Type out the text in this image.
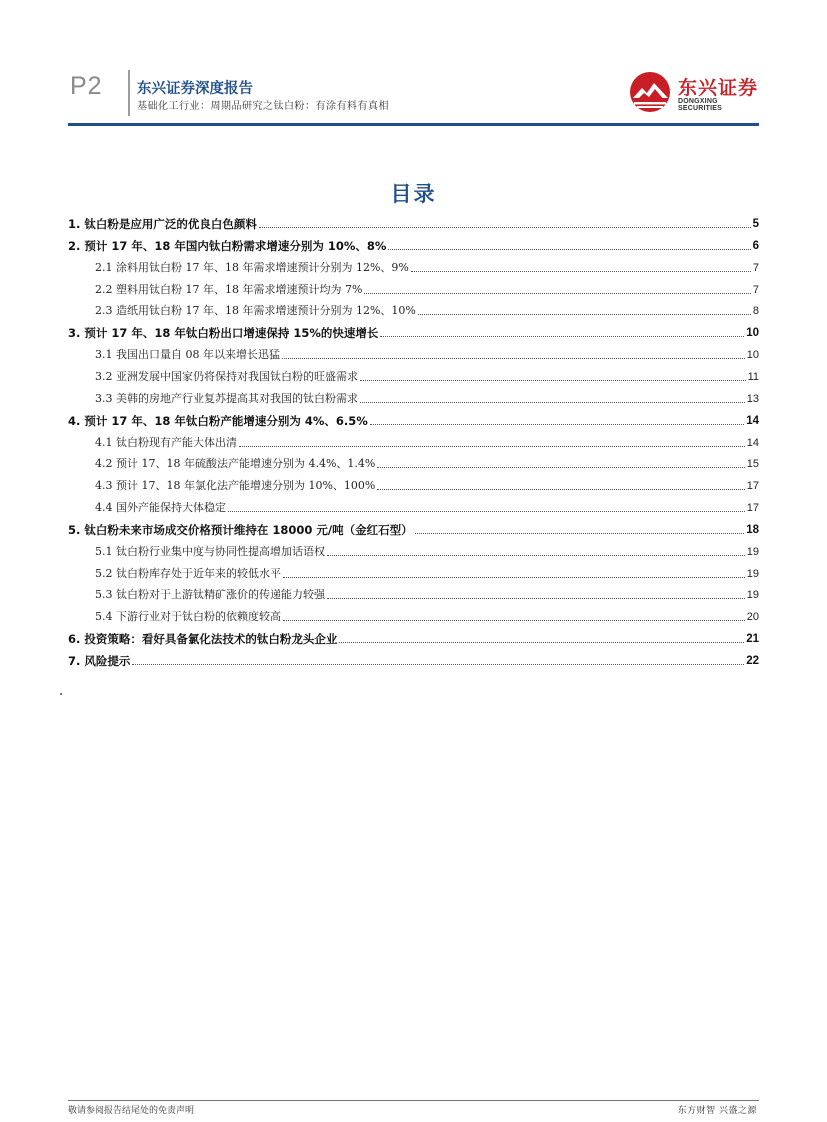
P2 东兴证券深度报告
基础化工行业：周期品研究之钛白粉：有涂有料有真相
东兴证券
DONGXING SECURITIES
目录
1. 钛白粉是应用广泛的优良白色颜料	5
2. 预计 17 年、18 年国内钛白粉需求增速分别为 10%、8%	6
2.1 涂料用钛白粉 17 年、18 年需求增速预计分别为 12%、9%	7
2.2 塑料用钛白粉 17 年、18 年需求增速预计均为 7%	7
2.3 造纸用钛白粉 17 年、18 年需求增速预计分别为 12%、10%	8
3. 预计 17 年、18 年钛白粉出口增速保持 15%的快速增长	10
3.1 我国出口量自 08 年以来增长迅猛	10
3.2 亚洲发展中国家仍将保持对我国钛白粉的旺盛需求	11
3.3 美韩的房地产行业复苏提高其对我国的钛白粉需求	13
4. 预计 17 年、18 年钛白粉产能增速分别为 4%、6.5%	14
4.1 钛白粉现有产能大体出清	14
4.2 预计 17、18 年硫酸法产能增速分别为 4.4%、1.4%	15
4.3 预计 17、18 年氯化法产能增速分别为 10%、100%	17
4.4 国外产能保持大体稳定	17
5. 钛白粉未来市场成交价格预计维持在 18000 元/吨（金红石型）	18
5.1 钛白粉行业集中度与协同性提高增加话语权	19
5.2 钛白粉库存处于近年来的较低水平	19
5.3 钛白粉对于上游钛精矿涨价的传递能力较强	19
5.4 下游行业对于钛白粉的依赖度较高	20
6. 投资策略：看好具备氯化法技术的钛白粉龙头企业	21
7. 风险提示	22
敬请参阅报告结尾处的免责声明	东方财智 兴盛之源
